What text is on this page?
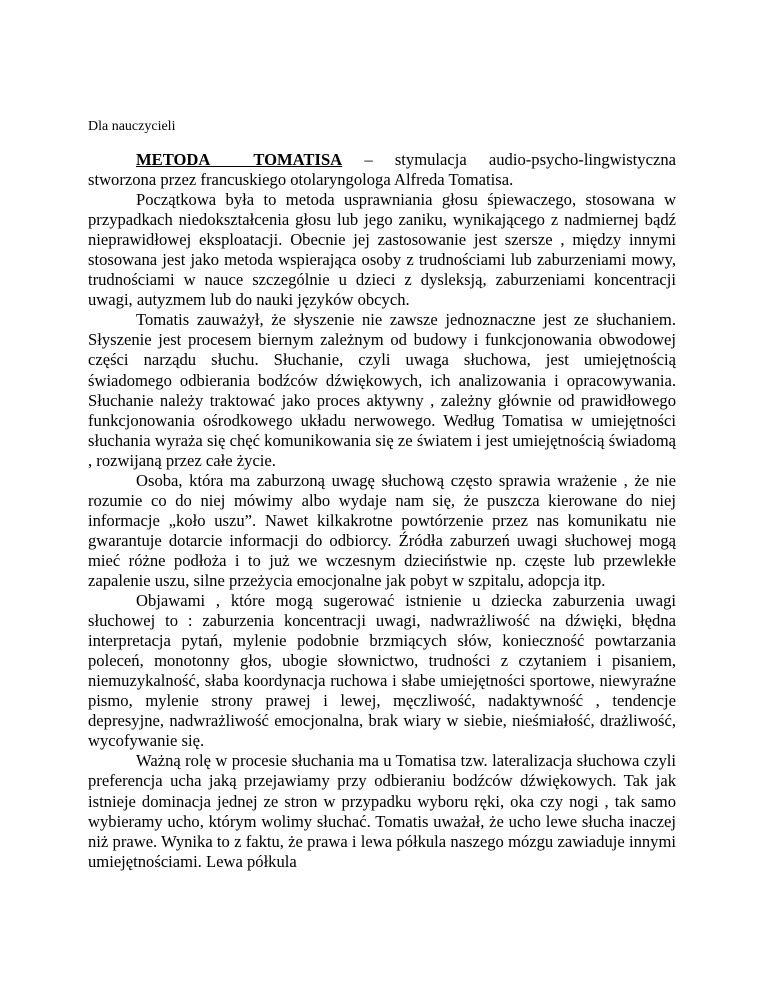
Dla nauczycieli

METODA TOMATISA – stymulacja audio-psycho-lingwistyczna stworzona przez francuskiego otolaryngologa Alfreda Tomatisa.

Początkowa była to metoda usprawniania głosu śpiewaczego, stosowana w przypadkach niedokształcenia głosu lub jego zaniku, wynikającego z nadmiernej bądź nieprawidłowej eksploatacji. Obecnie jej zastosowanie jest szersze , między innymi stosowana jest jako metoda wspierająca osoby z trudnościami lub zaburzeniami mowy, trudnościami w nauce szczególnie u dzieci z dysleksją, zaburzeniami koncentracji uwagi, autyzmem lub do nauki języków obcych.

Tomatis zauważył, że słyszenie nie zawsze jednoznaczne jest ze słuchaniem. Słyszenie jest procesem biernym zależnym od budowy i funkcjonowania obwodowej części narządu słuchu. Słuchanie, czyli uwaga słuchowa, jest umiejętnością świadomego odbierania bodźców dźwiękowych, ich analizowania i opracowywania. Słuchanie należy traktować jako proces aktywny , zależny głównie od prawidłowego funkcjonowania ośrodkowego układu nerwowego. Według Tomatisa w umiejętności słuchania wyraża się chęć komunikowania się ze światem i jest umiejętnością świadomą , rozwijaną przez całe życie.

Osoba, która ma zaburzoną uwagę słuchową często sprawia wrażenie , że nie rozumie co do niej mówimy albo wydaje nam się, że puszcza kierowane do niej informacje „koło uszu”. Nawet kilkakrotne powtórzenie przez nas komunikatu nie gwarantuje dotarcie informacji do odbiorcy. Źródła zaburzeń uwagi słuchowej mogą mieć różne podłoża i to już we wczesnym dzieciństwie np. częste lub przewlekłe zapalenie uszu, silne przeżycia emocjonalne jak pobyt w szpitalu, adopcja itp.

Objawami , które mogą sugerować istnienie u dziecka zaburzenia uwagi słuchowej to : zaburzenia koncentracji uwagi, nadwrażliwość na dźwięki, błędna interpretacja pytań, mylenie podobnie brzmiących słów, konieczność powtarzania poleceń, monotonny głos, ubogie słownictwo, trudności z czytaniem i pisaniem, niemuzykalność, słaba koordynacja ruchowa i słabe umiejętności sportowe, niewyraźne pismo, mylenie strony prawej i lewej, męczliwość, nadaktywność , tendencje depresyjne, nadwrażliwość emocjonalna, brak wiary w siebie, nieśmiałość, drażliwość, wycofywanie się.

Ważną rolę w procesie słuchania ma u Tomatisa tzw. lateralizacja słuchowa czyli preferencja ucha jaką przejawiamy przy odbieraniu bodźców dźwiękowych. Tak jak istnieje dominacja jednej ze stron w przypadku wyboru ręki, oka czy nogi , tak samo wybieramy ucho, którym wolimy słuchać. Tomatis uważał, że ucho lewe słucha inaczej niż prawe. Wynika to z faktu, że prawa i lewa półkula naszego mózgu zawiaduje innymi umiejętnościami. Lewa półkula
